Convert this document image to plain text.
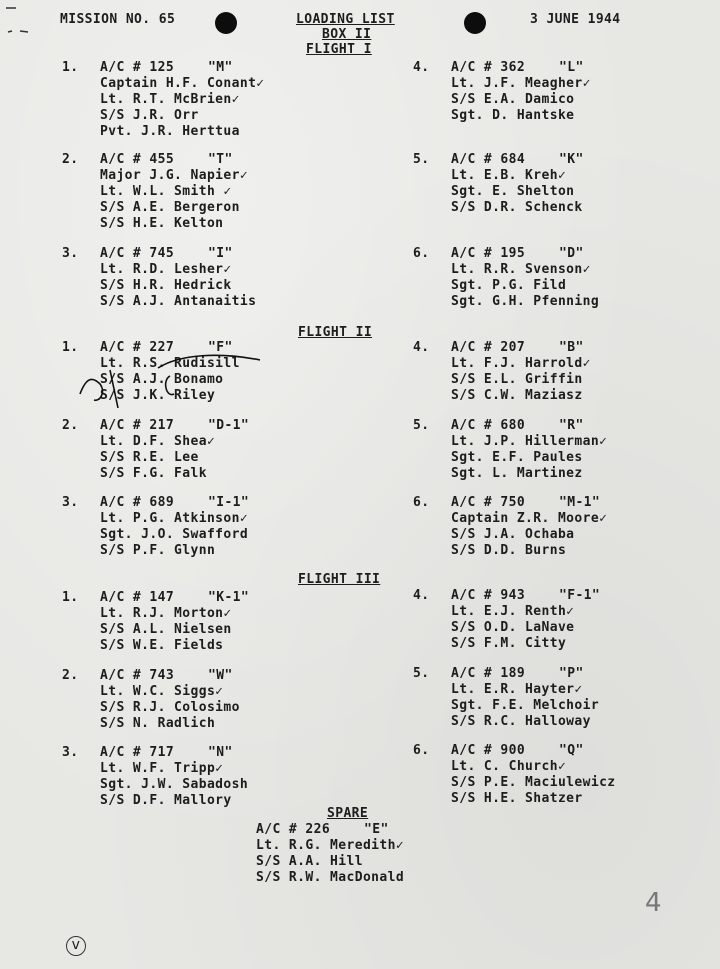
MISSION NO. 65	LOADING LIST
BOX II
3 JUNE 1944
FLIGHT I
FLIGHT II
FLIGHT III
1. A/C # 125	"M"
Captain H.F. Conant✓
Lt. R.T. McBrien✓
S/S J.R. Orr
Pvt. J.R. Herttua
2. A/C # 455	"T"
Major J.G. Napier✓
Lt. W.L. Smith ✓
S/S A.E. Bergeron
S/S H.E. Kelton
3. A/C # 745	"I"
Lt. R.D. Lesher✓
S/S H.R. Hedrick
S/S A.J. Antanaitis
4. A/C # 362	"L"
Lt. J.F. Meagher✓
S/S E.A. Damico
Sgt. D. Hantske
5. A/C # 684	"K"
Lt. E.B. Kreh✓
Sgt. E. Shelton
S/S D.R. Schenck
6. A/C # 195	"D"
Lt. R.R. Svenson✓
Sgt. P.G. Fild
Sgt. G.H. Pfenning
1. A/C # 227	"F"
Lt. R.S. Rudisill
S/S A.J. Bonamo
S/S J.K. Riley
2. A/C # 217	"D-1"
Lt. D.F. Shea✓
S/S R.E. Lee
S/S F.G. Falk
3. A/C # 689	"I-1"
Lt. P.G. Atkinson✓
Sgt. J.O. Swafford
S/S P.F. Glynn
4. A/C # 207	"B"
Lt. F.J. Harrold✓
S/S E.L. Griffin
S/S C.W. Maziasz
5. A/C # 680	"R"
Lt. J.P. Hillerman✓
Sgt. E.F. Paules
Sgt. L. Martinez
6. A/C # 750	"M-1"
Captain Z.R. Moore✓
S/S J.A. Ochaba
S/S D.D. Burns
1. A/C # 147	"K-1"
Lt. R.J. Morton✓
S/S A.L. Nielsen
S/S W.E. Fields
2. A/C # 743	"W"
Lt. W.C. Siggs✓
S/S R.J. Colosimo
S/S N. Radlich
3. A/C # 717	"N"
Lt. W.F. Tripp✓
Sgt. J.W. Sabadosh
S/S D.F. Mallory
4. A/C # 943	"F-1"
Lt. E.J. Renth✓
S/S O.D. LaNave
S/S F.M. Citty
5. A/C # 189	"P"
Lt. E.R. Hayter✓
Sgt. F.E. Melchoir
S/S R.C. Halloway
6. A/C # 900	"Q"
Lt. C. Church✓
S/S P.E. Maciulewicz
S/S H.E. Shatzer
SPARE
A/C # 226	"E"
Lt. R.G. Meredith✓
S/S A.A. Hill
S/S R.W. MacDonald
4
v
